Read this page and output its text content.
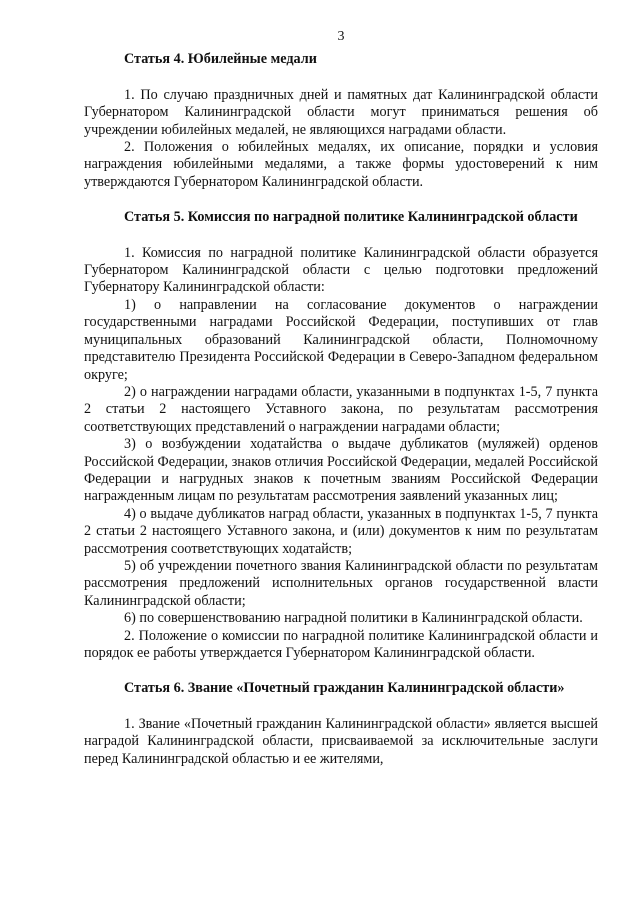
3

Статья 4. Юбилейные медали

1. По случаю праздничных дней и памятных дат Калининградской области Губернатором Калининградской области могут приниматься решения об учреждении юбилейных медалей, не являющихся наградами области.

2. Положения о юбилейных медалях, их описание, порядки и условия награждения юбилейными медалями, а также формы удостоверений к ним утверждаются Губернатором Калининградской области.

Статья 5. Комиссия по наградной политике Калининградской области

1. Комиссия по наградной политике Калининградской области образуется Губернатором Калининградской области с целью подготовки предложений Губернатору Калининградской области:

1) о направлении на согласование документов о награждении государственными наградами Российской Федерации, поступивших от глав муниципальных образований Калининградской области, Полномочному представителю Президента Российской Федерации в Северо-Западном федеральном округе;

2) о награждении наградами области, указанными в подпунктах 1-5, 7 пункта 2 статьи 2 настоящего Уставного закона, по результатам рассмотрения соответствующих представлений о награждении наградами области;

3) о возбуждении ходатайства о выдаче дубликатов (муляжей) орденов Российской Федерации, знаков отличия Российской Федерации, медалей Российской Федерации и нагрудных знаков к почетным званиям Российской Федерации награжденным лицам по результатам рассмотрения заявлений указанных лиц;

4) о выдаче дубликатов наград области, указанных в подпунктах 1-5, 7 пункта 2 статьи 2 настоящего Уставного закона, и (или) документов к ним по результатам рассмотрения соответствующих ходатайств;

5) об учреждении почетного звания Калининградской области по результатам рассмотрения предложений исполнительных органов государственной власти Калининградской области;

6) по совершенствованию наградной политики в Калининградской области.

2. Положение о комиссии по наградной политике Калининградской области и порядок ее работы утверждается Губернатором Калининградской области.

Статья 6. Звание «Почетный гражданин Калининградской области»

1. Звание «Почетный гражданин Калининградской области» является высшей наградой Калининградской области, присваиваемой за исключительные заслуги перед Калининградской областью и ее жителями,
